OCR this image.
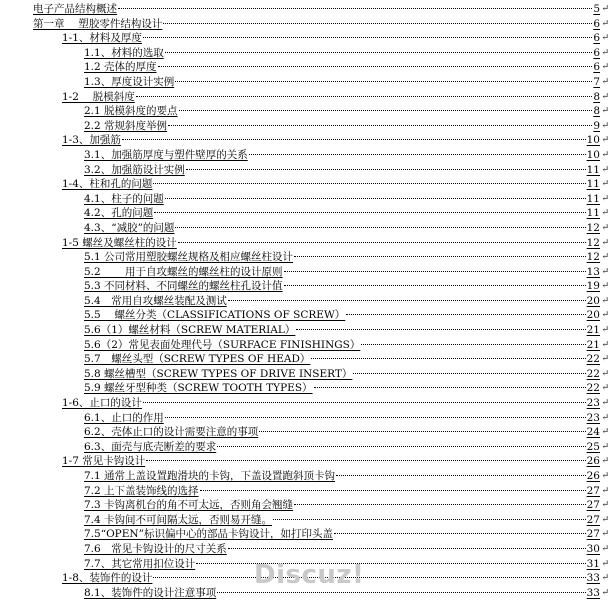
电子产品结构概述	5 ↵
第一章　 塑胶零件结构设计	6 ↵
1-1、材料及厚度	6 ↵
1.1、材料的选取	6 ↵
1.2 壳体的厚度	6 ↵
1.3、厚度设计实例	7 ↵
1-2　 脱模斜度	8 ↵
2.1 脱模斜度的要点	8 ↵
2.2 常规斜度举例	9 ↵
1-3、加强筋	10 ↵
3.1、加强筋厚度与塑件壁厚的关系	10 ↵
3.2、加强筋设计实例	11 ↵
1-4、柱和孔的问题	11 ↵
4.1、柱子的问题	11 ↵
4.2、孔的问题	11 ↵
4.3、“减胶”的问题	12 ↵
1-5 螺丝及螺丝柱的设计	12 ↵
5.1 公司常用塑胶螺丝规格及相应螺丝柱设计	12 ↵
5.2　　 用于自攻螺丝的螺丝柱的设计原则	13 ↵
5.3 不同材料、不同螺丝的螺丝柱孔设计值	19 ↵
5.4　常用自攻螺丝装配及测试	20 ↵
5.5　 螺丝分类（CLASSIFICATIONS OF SCREW）	20 ↵
5.6（1）螺丝材料（SCREW MATERIAL）	21 ↵
5.6（2）常见表面处理代号（SURFACE FINISHINGS）	21 ↵
5.7　螺丝头型（SCREW TYPES OF HEAD）	22 ↵
5.8 螺丝槽型（SCREW TYPES OF DRIVE INSERT）	22 ↵
5.9 螺丝牙型种类（SCREW TOOTH TYPES）	22 ↵
1-6、止口的设计	23 ↵
6.1、止口的作用	23 ↵
6.2、壳体止口的设计需要注意的事项	24 ↵
6.3、面壳与底壳断差的要求	25 ↵
1-7 常见卡钩设计	26 ↵
7.1 通常上盖设置跑滑块的卡钩，下盖设置跑斜顶卡钩	26 ↵
7.2 上下盖装饰线的选择	27 ↵
7.3 卡钩离机台的角不可太远，否则角会翘缝	27 ↵
7.4 卡钩间不可间隔太远，否则易开缝。	27 ↵
7.5“OPEN”标识偏中心的部品卡钩设计，如打印头盖	27 ↵
7.6　常见卡钩设计的尺寸关系	30 ↵
7.7、其它常用扣位设计	31 ↵
1-8、装饰件的设计	33 ↵
8.1、装饰件的设计注意事项	33 ↵
Discuz!
